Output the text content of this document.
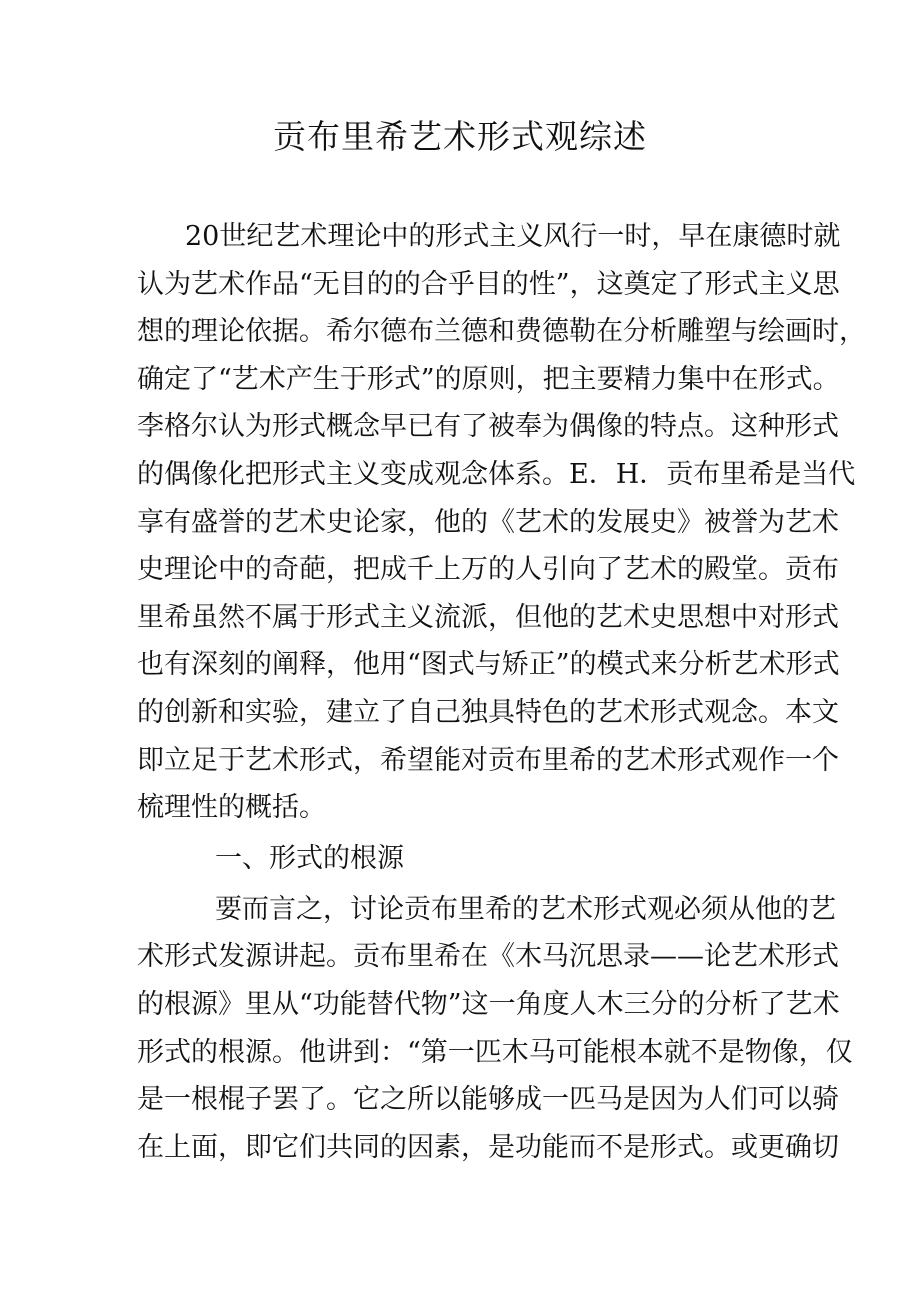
贡布里希艺术形式观综述
20世纪艺术理论中的形式主义风行一时，早在康德时就
认为艺术作品“无目的的合乎目的性”，这奠定了形式主义思
想的理论依据。希尔德布兰德和费德勒在分析雕塑与绘画时，
确定了“艺术产生于形式”的原则，把主要精力集中在形式。
李格尔认为形式概念早已有了被奉为偶像的特点。这种形式
的偶像化把形式主义变成观念体系。E．H．贡布里希是当代
享有盛誉的艺术史论家，他的《艺术的发展史》被誉为艺术
史理论中的奇葩，把成千上万的人引向了艺术的殿堂。贡布
里希虽然不属于形式主义流派，但他的艺术史思想中对形式
也有深刻的阐释，他用“图式与矫正”的模式来分析艺术形式
的创新和实验，建立了自己独具特色的艺术形式观念。本文
即立足于艺术形式，希望能对贡布里希的艺术形式观作一个
梳理性的概括。
一、形式的根源
要而言之，讨论贡布里希的艺术形式观必须从他的艺
术形式发源讲起。贡布里希在《木马沉思录——论艺术形式
的根源》里从“功能替代物”这一角度人木三分的分析了艺术
形式的根源。他讲到：“第一匹木马可能根本就不是物像，仅
是一根棍子罢了。它之所以能够成一匹马是因为人们可以骑
在上面，即它们共同的因素，是功能而不是形式。或更确切
